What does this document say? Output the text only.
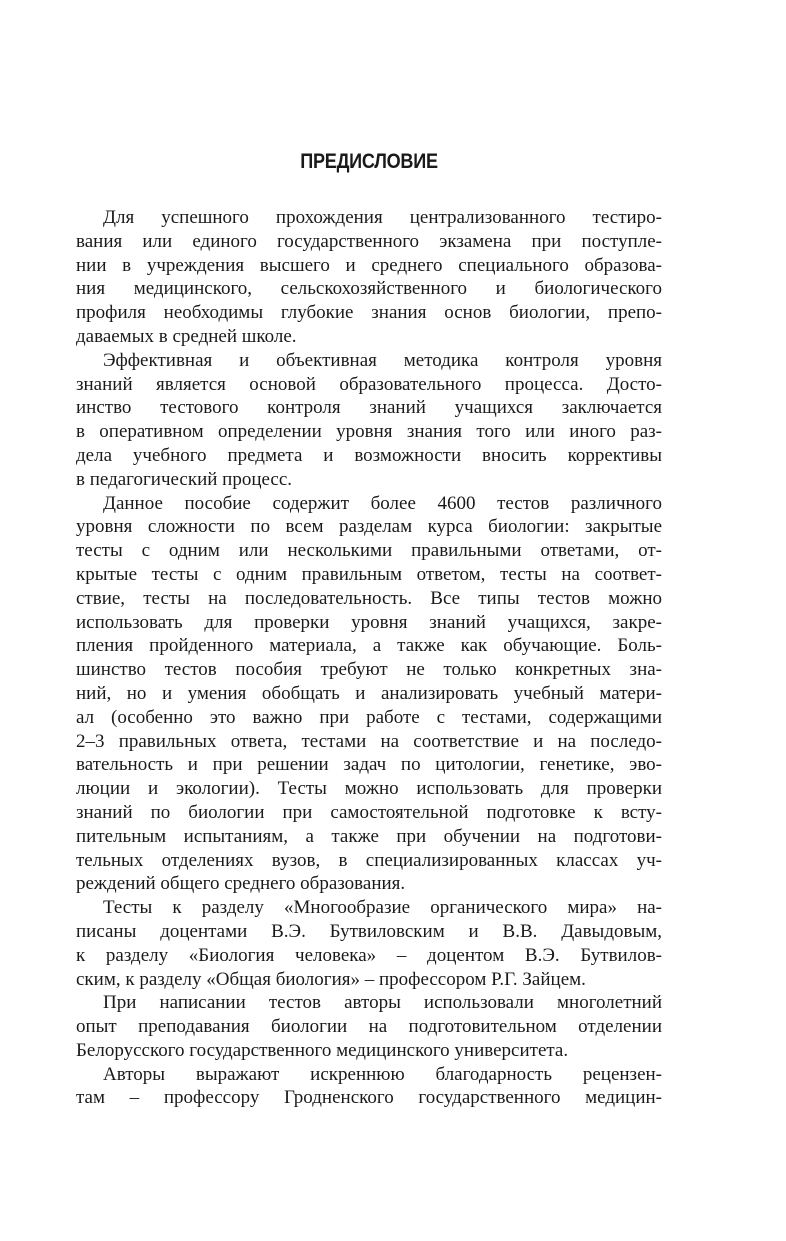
ПРЕДИСЛОВИЕ

Для успешного прохождения централизованного тестиро-
вания или единого государственного экзамена при поступле-
нии в учреждения высшего и среднего специального образова-
ния медицинского, сельскохозяйственного и биологического
профиля необходимы глубокие знания основ биологии, препо-
даваемых в средней школе.

Эффективная и объективная методика контроля уровня
знаний является основой образовательного процесса. Досто-
инство тестового контроля знаний учащихся заключается
в оперативном определении уровня знания того или иного раз-
дела учебного предмета и возможности вносить коррективы
в педагогический процесс.

Данное пособие содержит более 4600 тестов различного
уровня сложности по всем разделам курса биологии: закрытые
тесты с одним или несколькими правильными ответами, от-
крытые тесты с одним правильным ответом, тесты на соответ-
ствие, тесты на последовательность. Все типы тестов можно
использовать для проверки уровня знаний учащихся, закре-
пления пройденного материала, а также как обучающие. Боль-
шинство тестов пособия требуют не только конкретных зна-
ний, но и умения обобщать и анализировать учебный матери-
ал (особенно это важно при работе с тестами, содержащими
2–3 правильных ответа, тестами на соответствие и на последо-
вательность и при решении задач по цитологии, генетике, эво-
люции и экологии). Тесты можно использовать для проверки
знаний по биологии при самостоятельной подготовке к всту-
пительным испытаниям, а также при обучении на подготови-
тельных отделениях вузов, в специализированных классах уч-
реждений общего среднего образования.

Тесты к разделу «Многообразие органического мира» на-
писаны доцентами В.Э. Бутвиловским и В.В. Давыдовым,
к разделу «Биология человека» – доцентом В.Э. Бутвилов-
ским, к разделу «Общая биология» – профессором Р.Г. Зайцем.

При написании тестов авторы использовали многолетний
опыт преподавания биологии на подготовительном отделении
Белорусского государственного медицинского университета.

Авторы выражают искреннюю благодарность рецензен-
там – профессору Гродненского государственного медицин-
